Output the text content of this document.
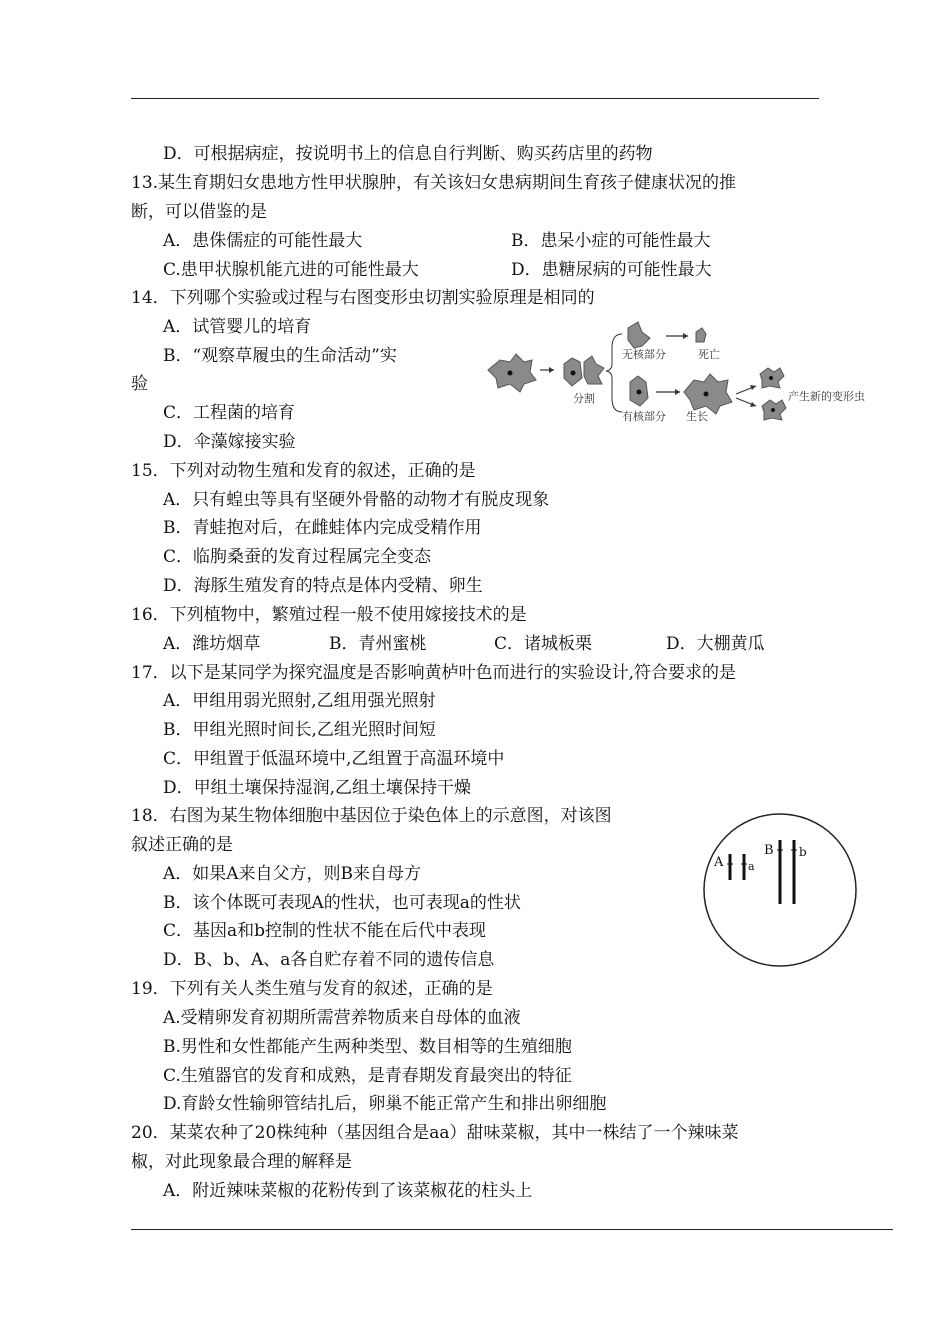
D．可根据病症，按说明书上的信息自行判断、购买药店里的药物
13.某生育期妇女患地方性甲状腺肿，有关该妇女患病期间生育孩子健康状况的推
断，可以借鉴的是
A．患侏儒症的可能性最大	B．患呆小症的可能性最大
C.患甲状腺机能亢进的可能性最大	D．患糖尿病的可能性最大
14．下列哪个实验或过程与右图变形虫切割实验原理是相同的
A．试管婴儿的培育
B．“观察草履虫的生命活动”实
验
C．工程菌的培育
D．伞藻嫁接实验
分割
无核部分	死亡
有核部分 生长
产生新的变形虫
15．下列对动物生殖和发育的叙述，正确的是
A．只有蝗虫等具有坚硬外骨骼的动物才有脱皮现象
B．青蛙抱对后，在雌蛙体内完成受精作用
C．临朐桑蚕的发育过程属完全变态
D．海豚生殖发育的特点是体内受精、卵生
16．下列植物中，繁殖过程一般不使用嫁接技术的是
A．潍坊烟草	B．青州蜜桃	C．诸城板栗	D．大棚黄瓜
17．以下是某同学为探究温度是否影响黄栌叶色而进行的实验设计,符合要求的是
A．甲组用弱光照射,乙组用强光照射
B．甲组光照时间长,乙组光照时间短
C．甲组置于低温环境中,乙组置于高温环境中
D．甲组土壤保持湿润,乙组土壤保持干燥
18．右图为某生物体细胞中基因位于染色体上的示意图，对该图
叙述正确的是
A．如果A来自父方，则B来自母方
B．该个体既可表现A的性状，也可表现a的性状
C．基因a和b控制的性状不能在后代中表现
D．B、b、A、a各自贮存着不同的遗传信息
A a
B b
19．下列有关人类生殖与发育的叙述，正确的是
A.受精卵发育初期所需营养物质来自母体的血液
B.男性和女性都能产生两种类型、数目相等的生殖细胞
C.生殖器官的发育和成熟，是青春期发育最突出的特征
D.育龄女性输卵管结扎后，卵巢不能正常产生和排出卵细胞
20．某菜农种了20株纯种（基因组合是aa）甜味菜椒，其中一株结了一个辣味菜
椒，对此现象最合理的解释是
A．附近辣味菜椒的花粉传到了该菜椒花的柱头上
